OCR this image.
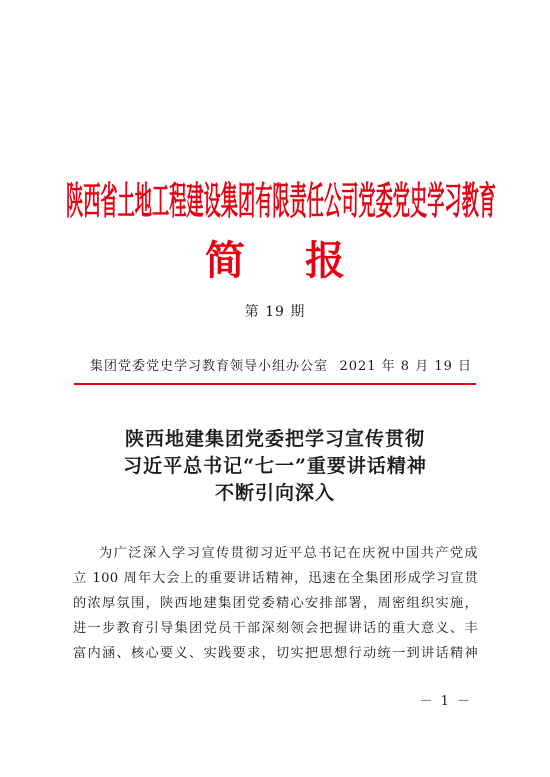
陕西省土地工程建设集团有限责任公司党委党史学习教育
简报
第 19 期
集团党委党史学习教育领导小组办公室 2021 年 8 月 19 日
陕西地建集团党委把学习宣传贯彻
习近平总书记“七一”重要讲话精神
不断引向深入
为广泛深入学习宣传贯彻习近平总书记在庆祝中国共产党成
立 100 周年大会上的重要讲话精神，迅速在全集团形成学习宣贯
的浓厚氛围，陕西地建集团党委精心安排部署，周密组织实施，
进一步教育引导集团党员干部深刻领会把握讲话的重大意义、丰
富内涵、核心要义、实践要求，切实把思想行动统一到讲话精神
－ 1 －
